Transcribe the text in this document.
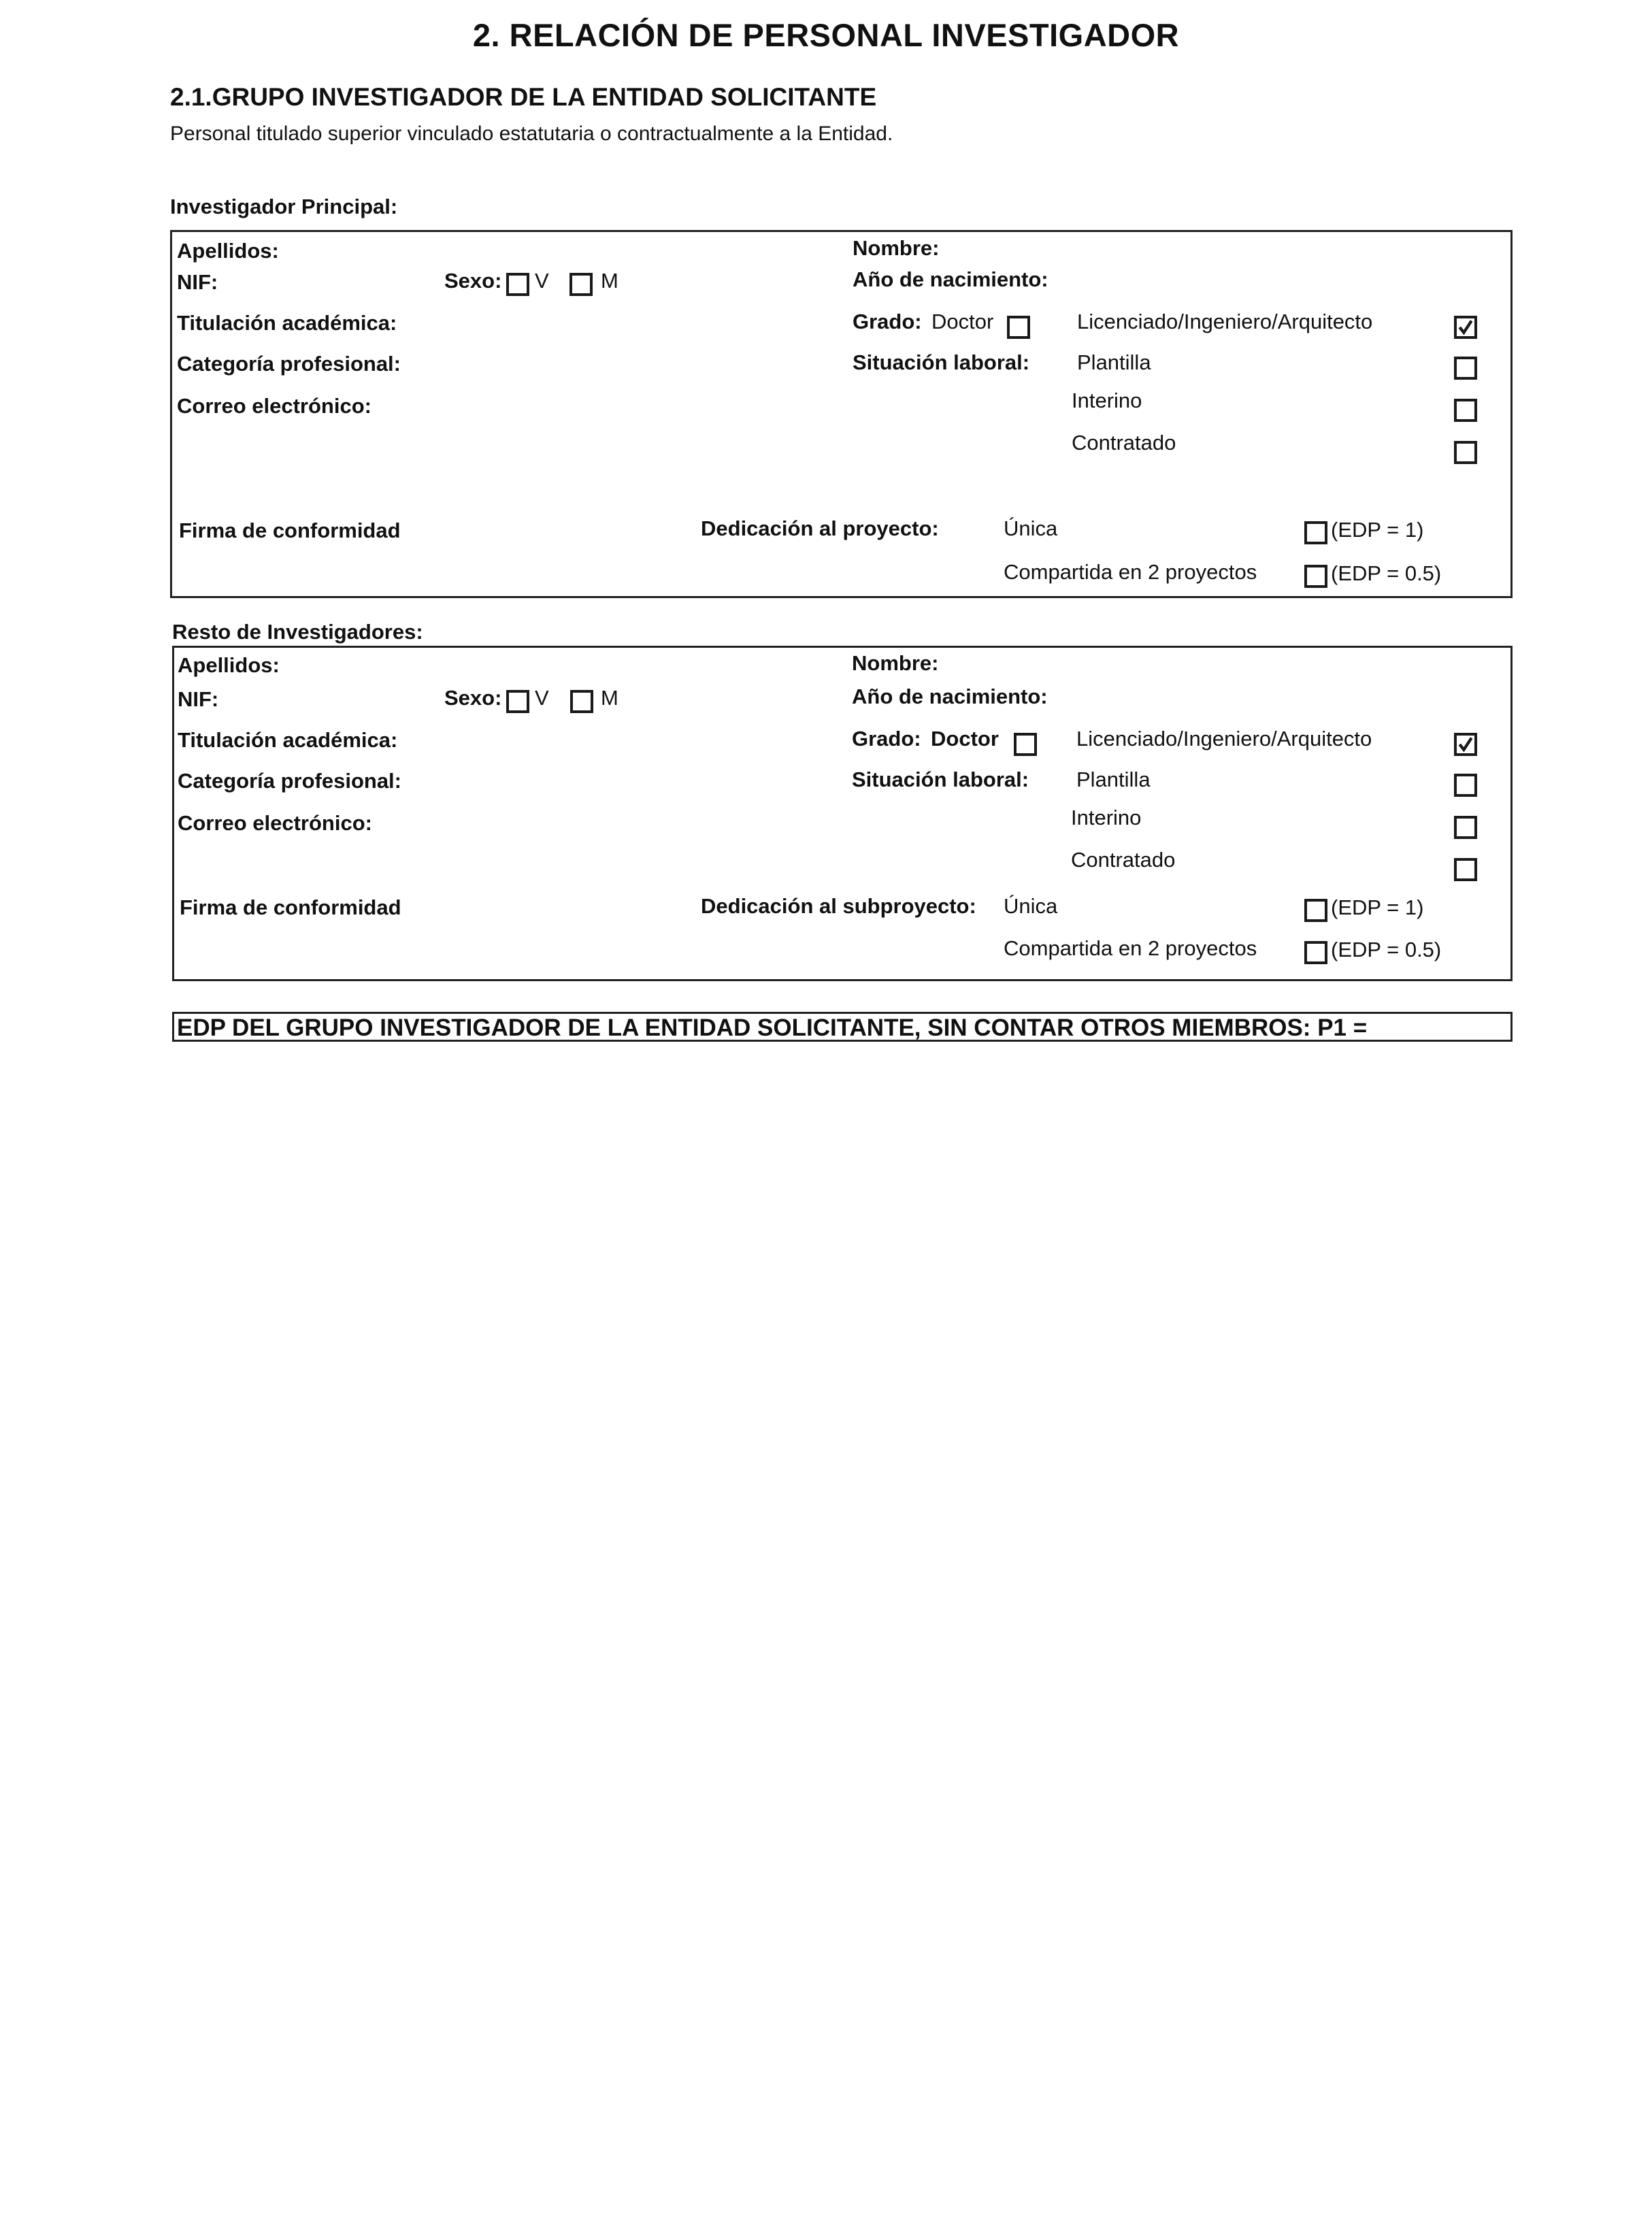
2. RELACIÓN DE PERSONAL INVESTIGADOR
2.1.GRUPO INVESTIGADOR DE LA ENTIDAD SOLICITANTE
Personal titulado superior vinculado estatutaria o contractualmente a la Entidad.
Investigador Principal:
Apellidos:	Nombre:
NIF:	Sexo: V M	Año de nacimiento:
Titulación académica:	Grado: Doctor	Licenciado/Ingeniero/Arquitecto
Categoría profesional:	Situación laboral: Plantilla
Correo electrónico:	Interino
Contratado
Firma de conformidad	Dedicación al proyecto:	Única	(EDP = 1)
Compartida en 2 proyectos	(EDP = 0.5)
Resto de Investigadores:
Apellidos:	Nombre:
NIF:	Sexo: V M	Año de nacimiento:
Titulación académica:	Grado: Doctor	Licenciado/Ingeniero/Arquitecto
Categoría profesional:	Situación laboral: Plantilla
Correo electrónico:	Interino
Contratado
Firma de conformidad	Dedicación al subproyecto: Única	(EDP = 1)
Compartida en 2 proyectos	(EDP = 0.5)
EDP DEL GRUPO INVESTIGADOR DE LA ENTIDAD SOLICITANTE, SIN CONTAR OTROS MIEMBROS: P1 =
